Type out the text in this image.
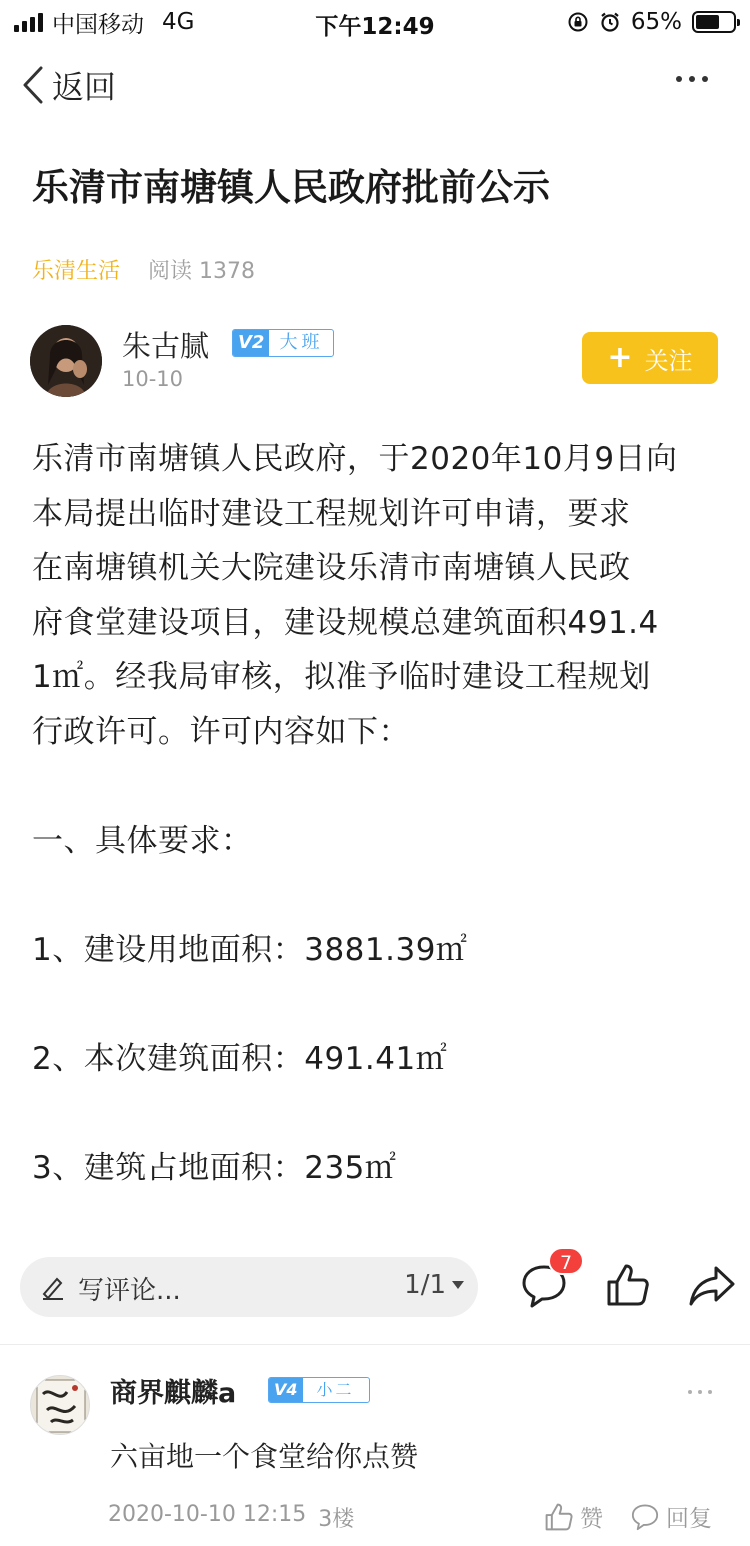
中国移动 4G	下午12:49	65%
返回
乐清市南塘镇人民政府批前公示
乐清生活 阅读 1378
朱古腻 V2 大班
10-10
+ 关注

乐清市南塘镇人民政府，于2020年10月9日向

本局提出临时建设工程规划许可申请，要求

在南塘镇机关大院建设乐清市南塘镇人民政

府食堂建设项目，建设规模总建筑面积491.4

1㎡。经我局审核，拟准予临时建设工程规划

行政许可。许可内容如下：

一、具体要求：

1、建设用地面积：3881.39㎡

2、本次建筑面积：491.41㎡

3、建筑占地面积：235㎡

写评论...	1/1
7
商界麒麟a	V4	小二
六亩地一个食堂给你点赞
2020-10-10 12:15 3楼	赞	回复
